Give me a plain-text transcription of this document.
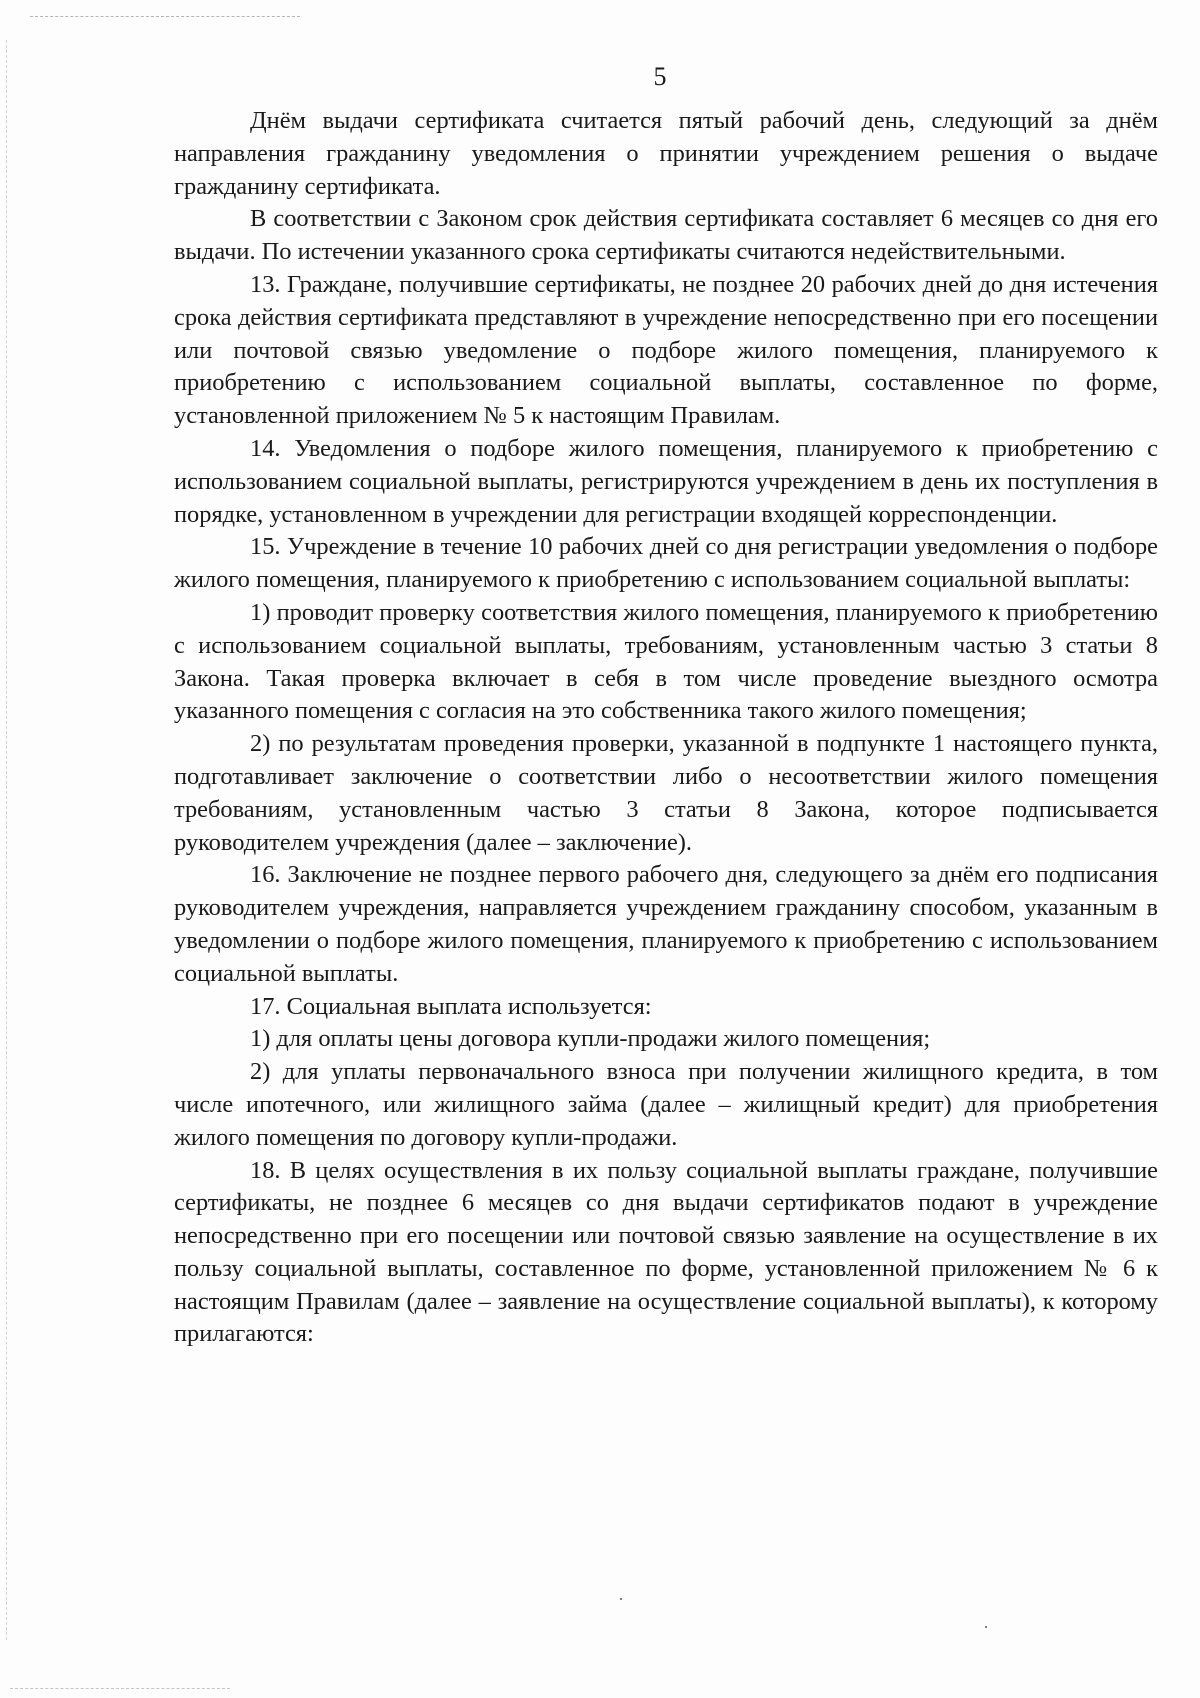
5

Днём выдачи сертификата считается пятый рабочий день, следующий за днём направления гражданину уведомления о принятии учреждением решения о выдаче гражданину сертификата.

В соответствии с Законом срок действия сертификата составляет 6 месяцев со дня его выдачи. По истечении указанного срока сертификаты считаются недействительными.

13. Граждане, получившие сертификаты, не позднее 20 рабочих дней до дня истечения срока действия сертификата представляют в учреждение непосредственно при его посещении или почтовой связью уведомление о подборе жилого помещения, планируемого к приобретению с использованием социальной выплаты, составленное по форме, установленной приложением № 5 к настоящим Правилам.

14. Уведомления о подборе жилого помещения, планируемого к приобретению с использованием социальной выплаты, регистрируются учреждением в день их поступления в порядке, установленном в учреждении для регистрации входящей корреспонденции.

15. Учреждение в течение 10 рабочих дней со дня регистрации уведомления о подборе жилого помещения, планируемого к приобретению с использованием социальной выплаты:

1) проводит проверку соответствия жилого помещения, планируемого к приобретению с использованием социальной выплаты, требованиям, установленным частью 3 статьи 8 Закона. Такая проверка включает в себя в том числе проведение выездного осмотра указанного помещения с согласия на это собственника такого жилого помещения;

2) по результатам проведения проверки, указанной в подпункте 1 настоящего пункта, подготавливает заключение о соответствии либо о несоответствии жилого помещения требованиям, установленным частью 3 статьи 8 Закона, которое подписывается руководителем учреждения (далее – заключение).

16. Заключение не позднее первого рабочего дня, следующего за днём его подписания руководителем учреждения, направляется учреждением гражданину способом, указанным в уведомлении о подборе жилого помещения, планируемого к приобретению с использованием социальной выплаты.

17. Социальная выплата используется:

1) для оплаты цены договора купли-продажи жилого помещения;

2) для уплаты первоначального взноса при получении жилищного кредита, в том числе ипотечного, или жилищного займа (далее – жилищный кредит) для приобретения жилого помещения по договору купли-продажи.

18. В целях осуществления в их пользу социальной выплаты граждане, получившие сертификаты, не позднее 6 месяцев со дня выдачи сертификатов подают в учреждение непосредственно при его посещении или почтовой связью заявление на осуществление в их пользу социальной выплаты, составленное по форме, установленной приложением № 6 к настоящим Правилам (далее – заявление на осуществление социальной выплаты), к которому прилагаются:
